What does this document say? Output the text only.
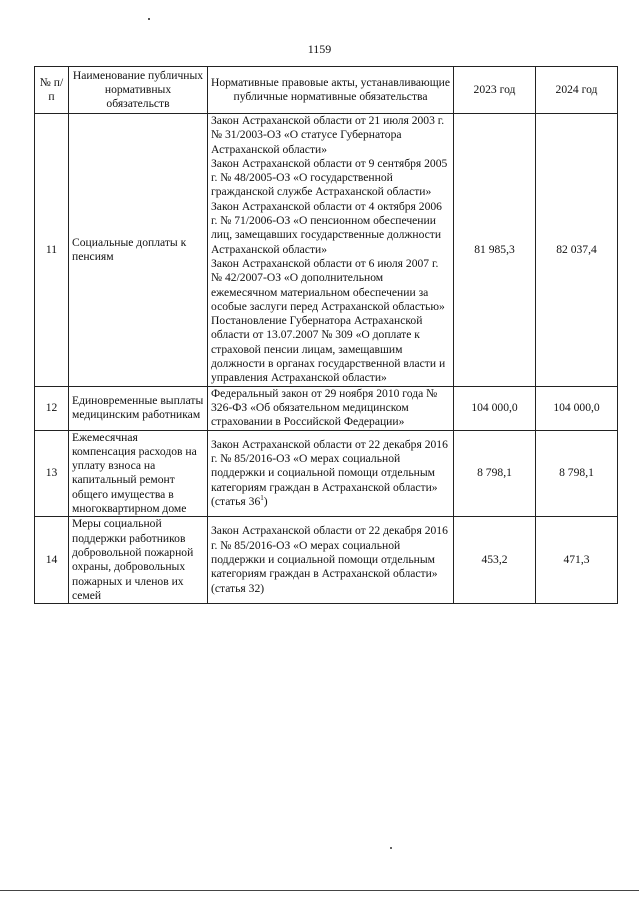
1159
№ п/п	Наименование публичных нормативных обязательств	Нормативные правовые акты, устанавливающие публичные нормативные обязательства	2023 год	2024 год
11	Социальные доплаты к пенсиям	Закон Астраханской области от 21 июля 2003 г. № 31/2003-ОЗ «О статусе Губернатора Астраханской области»
Закон Астраханской области от 9 сентября 2005 г. № 48/2005-ОЗ «О государственной гражданской службе Астраханской области»
Закон Астраханской области от 4 октября 2006 г. № 71/2006-ОЗ «О пенсионном обеспечении лиц, замещавших государственные должности Астраханской области»
Закон Астраханской области от 6 июля 2007 г. № 42/2007-ОЗ «О дополнительном ежемесячном материальном обеспечении за особые заслуги перед Астраханской областью»
Постановление Губернатора Астраханской области от 13.07.2007 № 309 «О доплате к страховой пенсии лицам, замещавшим должности в органах государственной власти и управления Астраханской области»	81 985,3	82 037,4
12	Единовременные выплаты медицинским работникам	Федеральный закон от 29 ноября 2010 года № 326-ФЗ «Об обязательном медицинском страховании в Российской Федерации»	104 000,0	104 000,0
13	Ежемесячная компенсация расходов на уплату взноса на капитальный ремонт общего имущества в многоквартирном доме	Закон Астраханской области от 22 декабря 2016 г. № 85/2016-ОЗ «О мерах социальной поддержки и социальной помощи отдельным категориям граждан в Астраханской области» (статья $36^1$)	8 798,1	8 798,1
14	Меры социальной поддержки работников добровольной пожарной охраны, добровольных пожарных и членов их семей	Закон Астраханской области от 22 декабря 2016 г. № 85/2016-ОЗ «О мерах социальной поддержки и социальной помощи отдельным категориям граждан в Астраханской области» (статья 32)	453,2	471,3
